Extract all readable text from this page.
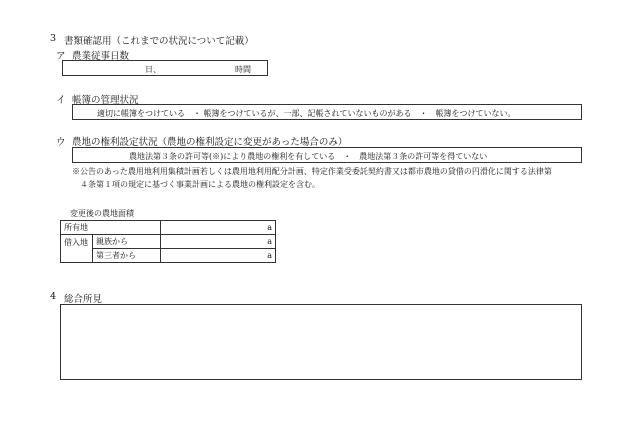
3 書類確認用（これまでの状況について記載）
ア 農業従事日数
日、	時間
イ 帳簿の管理状況
適切に帳簿をつけている　・ 帳簿をつけているが、一部、記帳されていないものがある　・　帳簿をつけていない。
ウ 農地の権利設定状況（農地の権利設定に変更があった場合のみ）
農地法第３条の許可等(※)により農地の権利を有している　・　農地法第３条の許可等を得ていない
※公告のあった農用地利用集積計画若しくは農用地利用配分計画、特定作業受委託契約書又は都市農地の貸借の円滑化に関する法律第
４条第１項の規定に基づく事業計画による農地の権利設定を含む。
変更後の農地面積
所有地		a
借入地	親族から	a
	第三者から	a
4 総合所見
